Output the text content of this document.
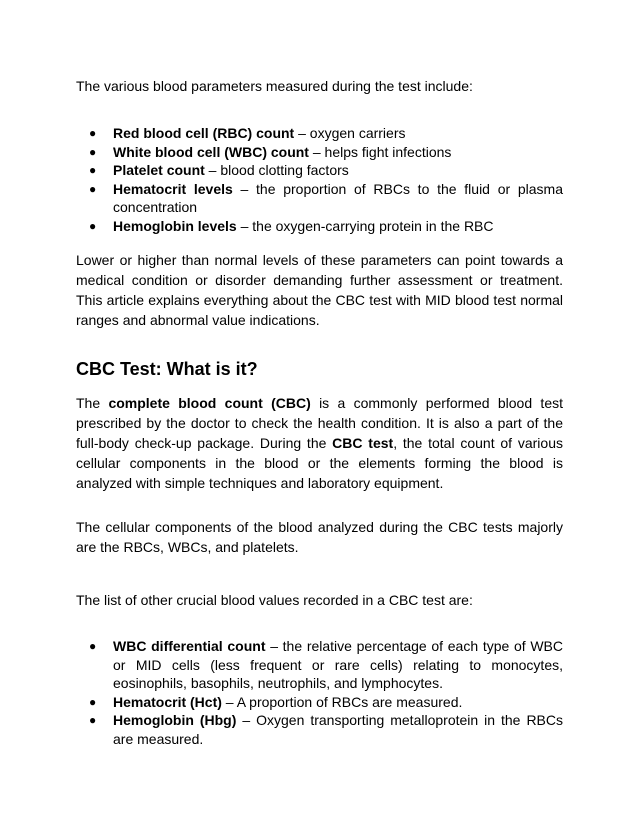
The various blood parameters measured during the test include:

● Red blood cell (RBC) count – oxygen carriers
● White blood cell (WBC) count – helps fight infections
● Platelet count – blood clotting factors
● Hematocrit levels – the proportion of RBCs to the fluid or plasma concentration
● Hemoglobin levels – the oxygen-carrying protein in the RBC

Lower or higher than normal levels of these parameters can point towards a medical condition or disorder demanding further assessment or treatment. This article explains everything about the CBC test with MID blood test normal ranges and abnormal value indications.

CBC Test: What is it?

The complete blood count (CBC) is a commonly performed blood test prescribed by the doctor to check the health condition. It is also a part of the full-body check-up package. During the CBC test, the total count of various cellular components in the blood or the elements forming the blood is analyzed with simple techniques and laboratory equipment.

The cellular components of the blood analyzed during the CBC tests majorly are the RBCs, WBCs, and platelets.

The list of other crucial blood values recorded in a CBC test are:

● WBC differential count – the relative percentage of each type of WBC or MID cells (less frequent or rare cells) relating to monocytes, eosinophils, basophils, neutrophils, and lymphocytes.
● Hematocrit (Hct) – A proportion of RBCs are measured.
● Hemoglobin (Hbg) – Oxygen transporting metalloprotein in the RBCs are measured.
